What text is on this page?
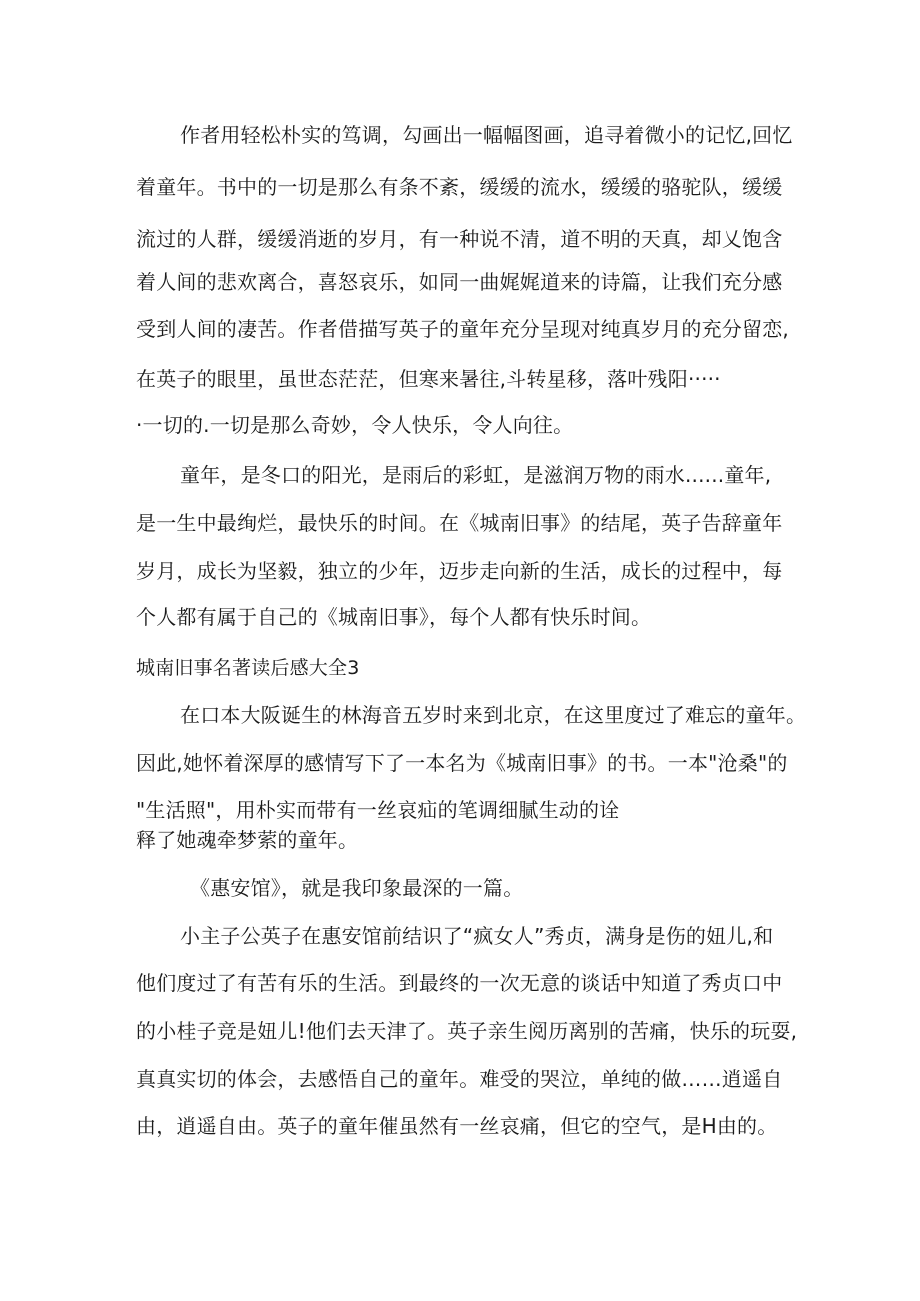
作者用轻松朴实的笃调，勾画出一幅幅图画，追寻着微小的记忆,回忆
着童年。书中的一切是那么有条不紊，缓缓的流水，缓缓的骆驼队，缓缓
流过的人群，缓缓消逝的岁月，有一种说不清，道不明的天真，却乂饱含
着人间的悲欢离合，喜怒哀乐，如同一曲娓娓道来的诗篇，让我们充分感
受到人间的凄苦。作者借描写英子的童年充分呈现对纯真岁月的充分留恋,
在英子的眼里，虽世态茫茫，但寒来暑往,斗转星移，落叶残阳·····
·一切的.一切是那么奇妙，令人快乐，令人向往。
童年，是冬口的阳光，是雨后的彩虹，是滋润万物的雨水......童年,
是一生中最绚烂，最快乐的时间。在《城南旧事》的结尾，英子告辞童年
岁月，成长为坚毅，独立的少年，迈步走向新的生活，成长的过程中，每
个人都有属于自己的《城南旧事》，每个人都有快乐时间。
城南旧事名著读后感大全3
在口本大阪诞生的林海音五岁时来到北京，在这里度过了难忘的童年。
因此,她怀着深厚的感情写下了一本名为《城南旧事》的书。一本"沧桑"的
"生活照"，用朴实而带有一丝哀疝的笔调细腻生动的诠
释了她魂牵梦萦的童年。
《惠安馆》，就是我印象最深的一篇。
小主子公英子在惠安馆前结识了“疯女人”秀贞，满身是伤的妞儿,和
他们度过了有苦有乐的生活。到最终的一次无意的谈话中知道了秀贞口中
的小桂子竞是妞儿!他们去天津了。英子亲生阅历离别的苦痛，快乐的玩耍,
真真实切的体会，去感悟自己的童年。难受的哭泣，单纯的做……逍遥自
由，逍遥自由。英子的童年催虽然有一丝哀痛，但它的空气，是H由的。
